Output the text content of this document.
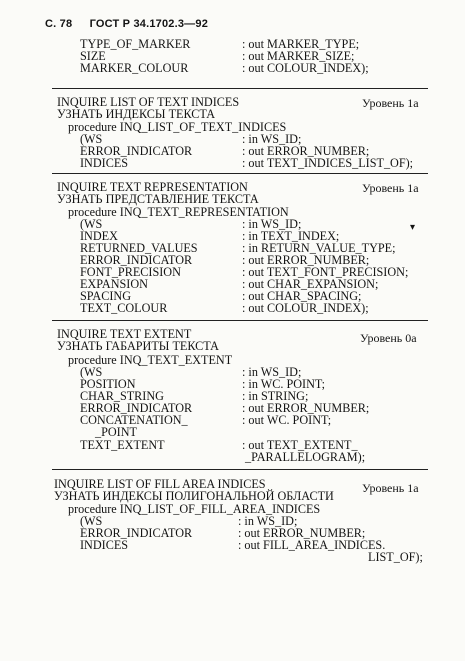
С. 78 ГОСТ Р 34.1702.3—92
TYPE_OF_MARKER	: out MARKER_TYPE;
SIZE	: out MARKER_SIZE;
MARKER_COLOUR	: out COLOUR_INDEX);
INQUIRE LIST OF TEXT INDICES	Уровень 1а
УЗНАТЬ ИНДЕКСЫ ТЕКСТА
procedure INQ_LIST_OF_TEXT_INDICES
(WS	: in WS_ID;
ERROR_INDICATOR	: out ERROR_NUMBER;
INDICES	: out TEXT_INDICES_LIST_OF);
INQUIRE TEXT REPRESENTATION	Уровень 1а
УЗНАТЬ ПРЕДСТАВЛЕНИЕ ТЕКСТА
procedure INQ_TEXT_REPRESENTATION
(WS	: in WS_ID;
INDEX	: in TEXT_INDEX;
RETURNED_VALUES	: in RETURN_VALUE_TYPE;
ERROR_INDICATOR	: out ERROR_NUMBER;
FONT_PRECISION	: out TEXT_FONT_PRECISION;
EXPANSION	: out CHAR_EXPANSION;
SPACING	: out CHAR_SPACING;
TEXT_COLOUR	: out COLOUR_INDEX);
INQUIRE TEXT EXTENT	Уровень 0а
УЗНАТЬ ГАБАРИТЫ ТЕКСТА
procedure INQ_TEXT_EXTENT
(WS	: in WS_ID;
POSITION	: in WC. POINT;
CHAR_STRING	: in STRING;
ERROR_INDICATOR	: out ERROR_NUMBER;
CONCATENATION_	: out WC. POINT;
_POINT
TEXT_EXTENT	: out TEXT_EXTENT_
_PARALLELOGRAM);
INQUIRE LIST OF FILL AREA INDICES	Уровень 1а
УЗНАТЬ ИНДЕКСЫ ПОЛИГОНАЛЬНОЙ ОБЛАСТИ
procedure INQ_LIST_OF_FILL_AREA_INDICES
(WS	: in WS_ID;
ERROR_INDICATOR	: out ERROR_NUMBER;
INDICES	: out FILL_AREA_INDICES.
LIST_OF);
▾
